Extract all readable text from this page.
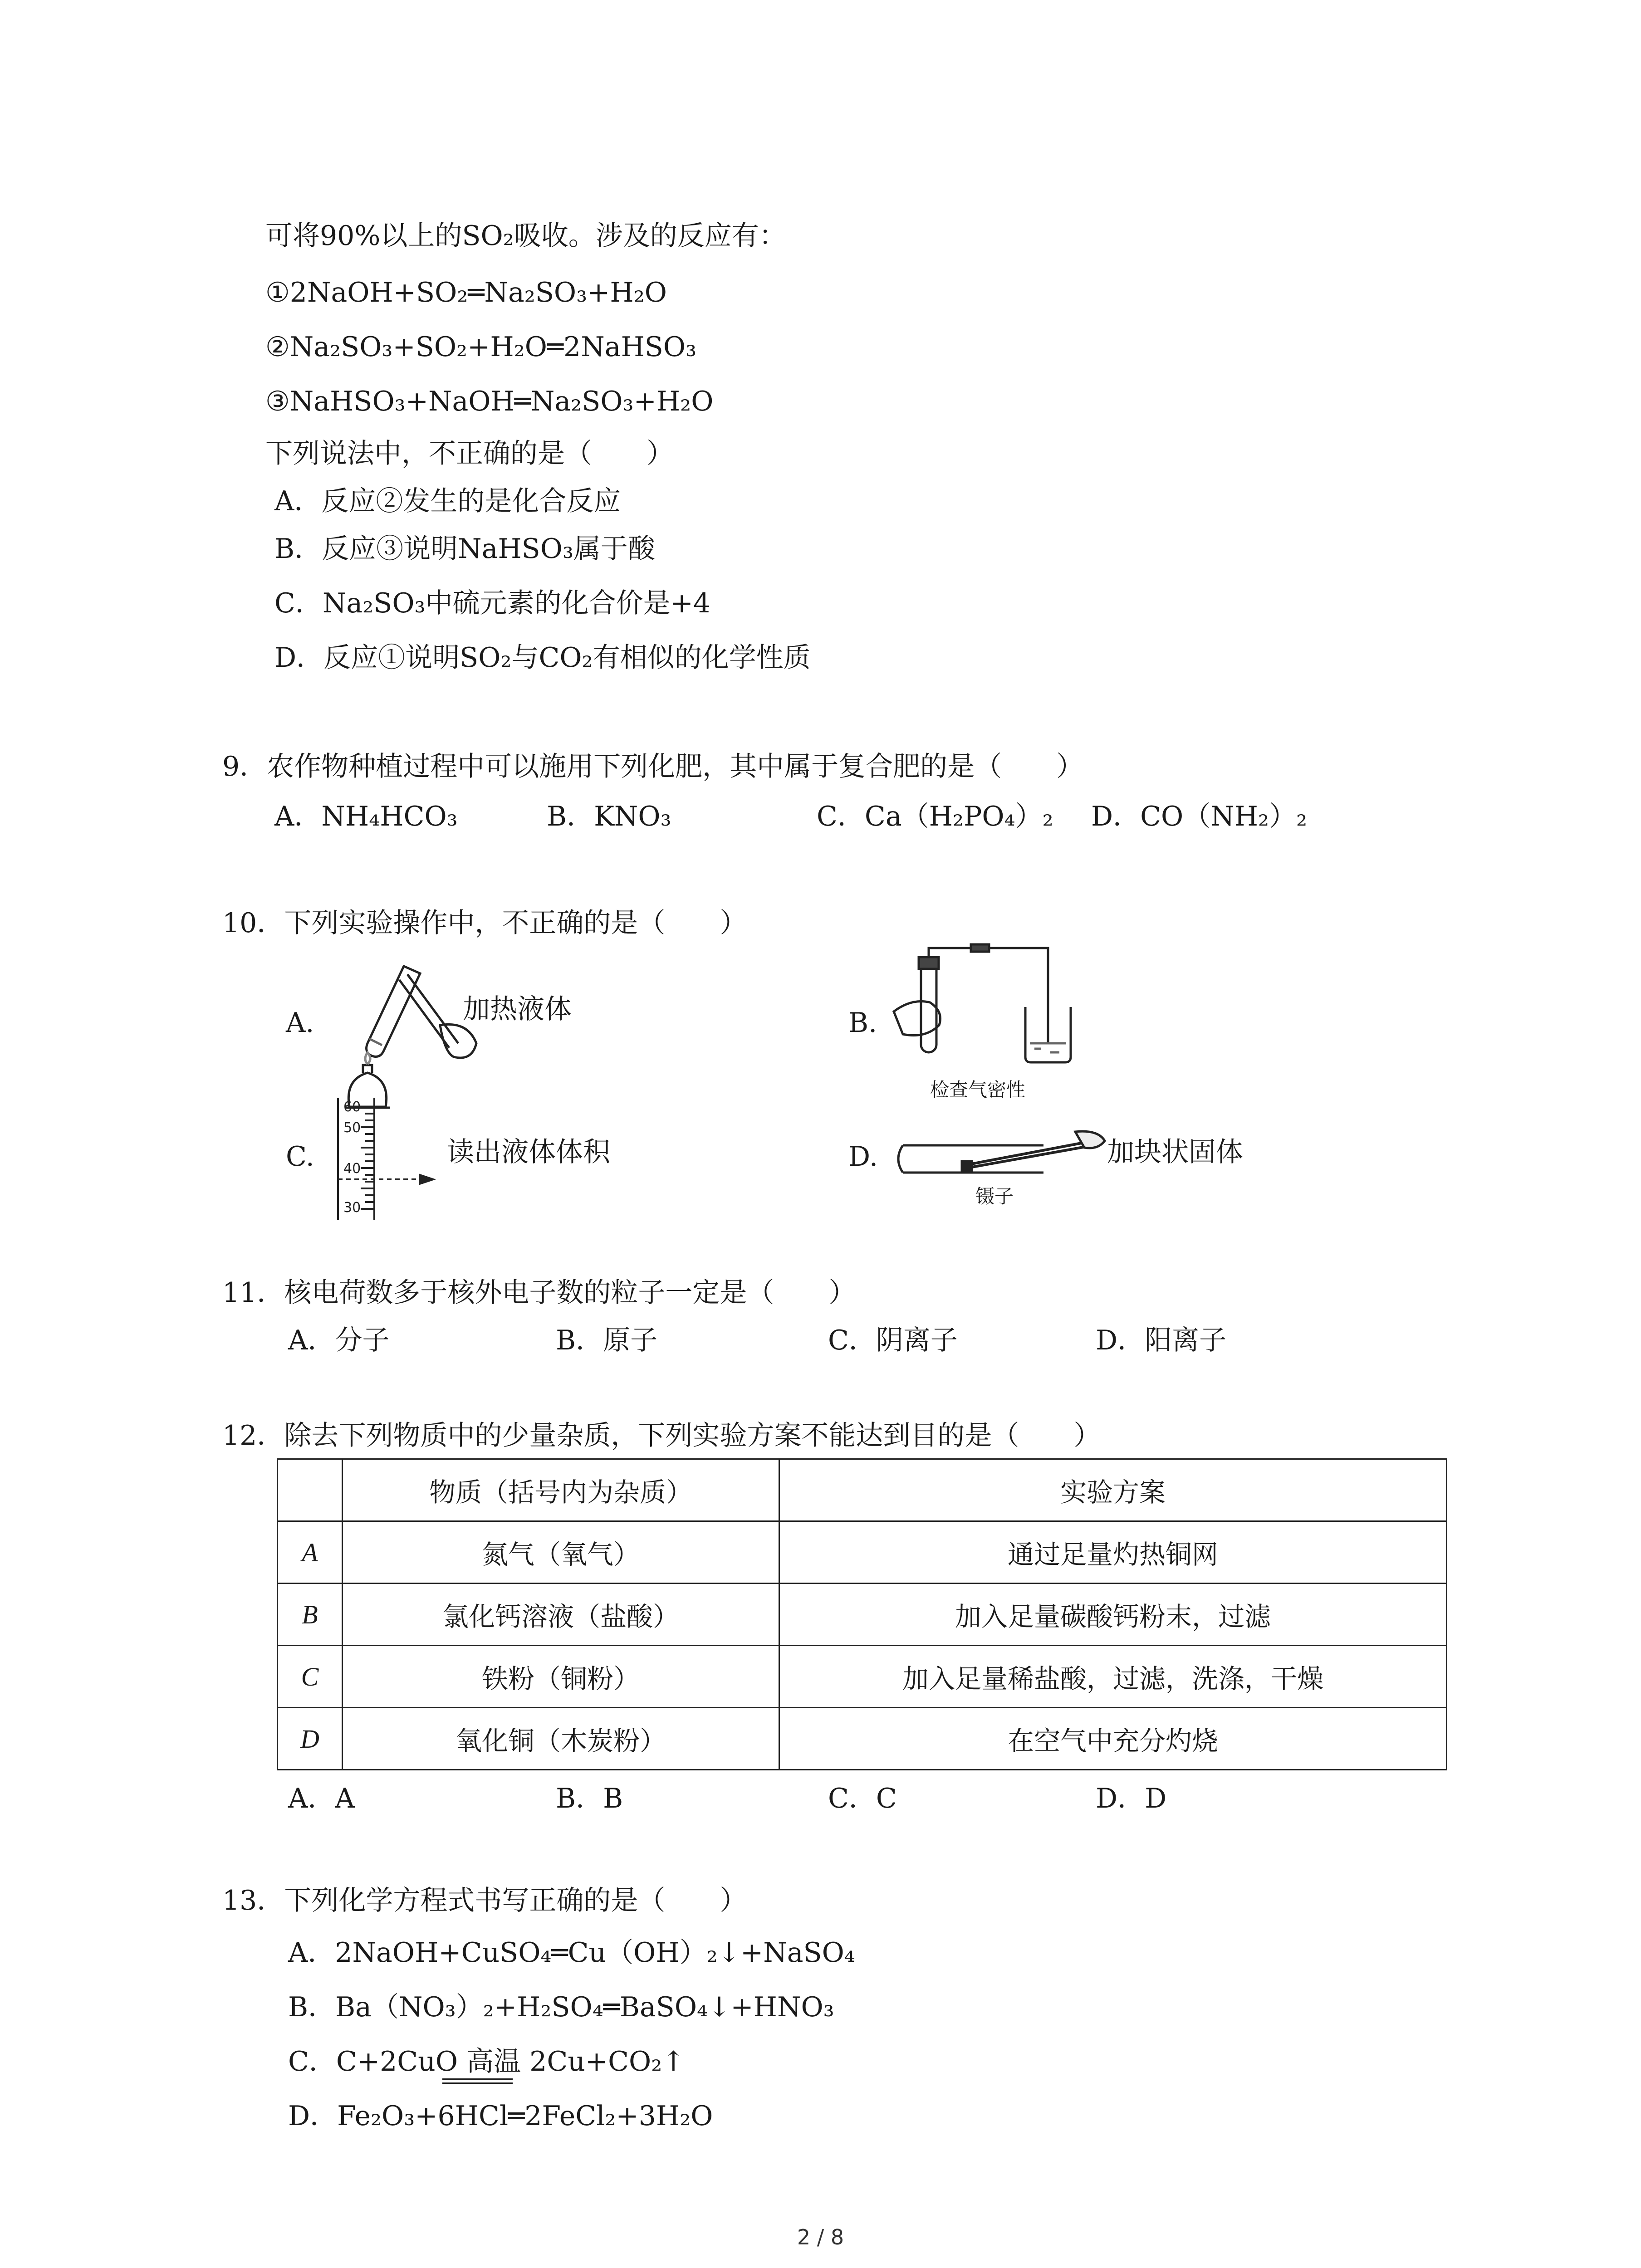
可将90%以上的SO₂吸收。涉及的反应有：
①2NaOH+SO₂═Na₂SO₃+H₂O
②Na₂SO₃+SO₂+H₂O═2NaHSO₃
③NaHSO₃+NaOH═Na₂SO₃+H₂O
下列说法中，不正确的是（　　）
A．反应②发生的是化合反应
B．反应③说明NaHSO₃属于酸
C．Na₂SO₃中硫元素的化合价是+4
D．反应①说明SO₂与CO₂有相似的化学性质
9．农作物种植过程中可以施用下列化肥，其中属于复合肥的是（　　）
A．NH₄HCO₃	B．KNO₃	C．Ca（H₂PO₄）₂ D．CO（NH₂）₂
10．下列实验操作中，不正确的是（　　）
A.	加热液体	B.
检查气密性
C.
60
50
40
30
读出液体体积	D.
镊子
加块状固体
11．核电荷数多于核外电子数的粒子一定是（　　）
A．分子	B．原子	C．阴离子	D．阳离子
12．除去下列物质中的少量杂质，下列实验方案不能达到目的是（　　）
	物质（括号内为杂质）	实验方案
A	氮气（氧气）	通过足量灼热铜网
B	氯化钙溶液（盐酸）	加入足量碳酸钙粉末，过滤
C	铁粉（铜粉）	加入足量稀盐酸，过滤，洗涤，干燥
D	氧化铜（木炭粉）	在空气中充分灼烧
A．A	B．B	C．C	D．D
13．下列化学方程式书写正确的是（　　）
A．2NaOH+CuSO₄═Cu（OH）₂↓+NaSO₄
B．Ba（NO₃）₂+H₂SO₄═BaSO₄↓+HNO₃
C．C+2CuO 高温 2Cu+CO₂↑
D．Fe₂O₃+6HCl═2FeCl₂+3H₂O
2 / 8
